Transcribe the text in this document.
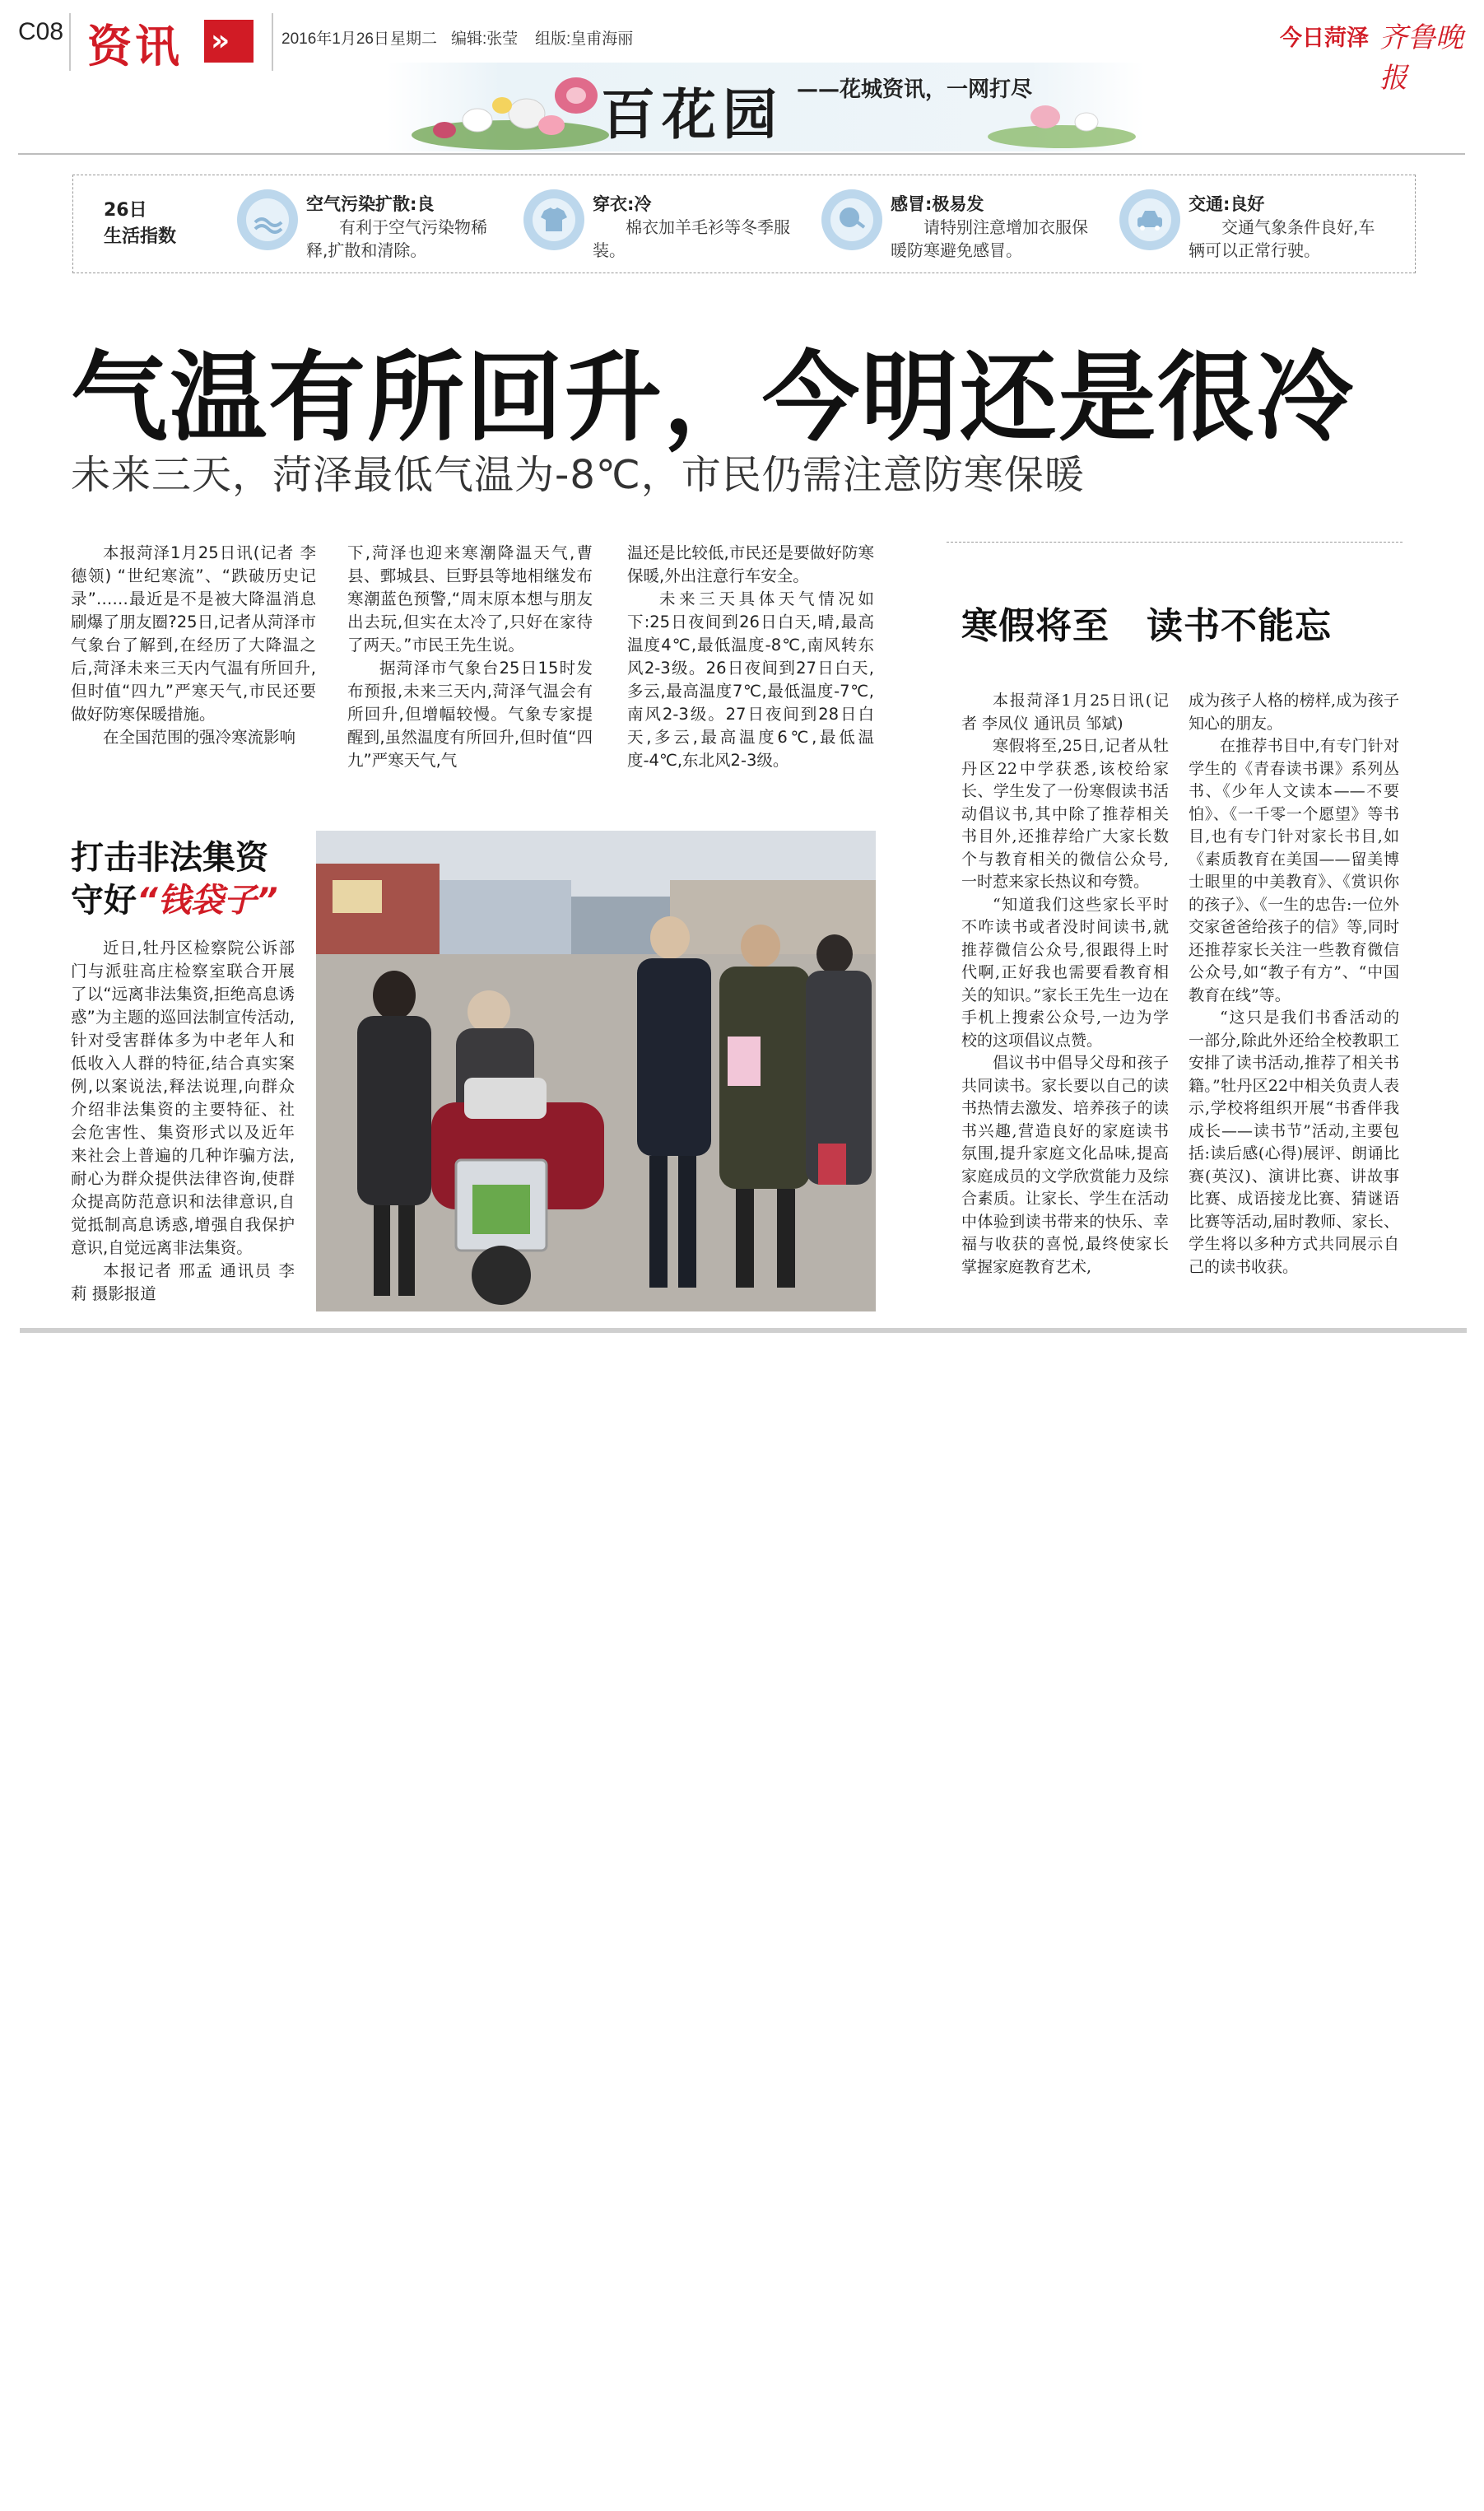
C08 资讯 »	2016年1月26日 星期二 编辑:张莹 组版:皇甫海丽	今日菏泽 齐鲁晚报
百花园 ——花城资讯，一网打尽
26日
生活指数
空气污染扩散:良
有利于空气污染物稀释,扩散和清除。
穿衣:冷
棉衣加羊毛衫等冬季服装。
感冒:极易发
请特别注意增加衣服保暖防寒避免感冒。
交通:良好
交通气象条件良好,车辆可以正常行驶。
气温有所回升，今明还是很冷
未来三天，菏泽最低气温为-8℃，市民仍需注意防寒保暖

本报菏泽1月25日讯(记者 李德领) “世纪寒流”、“跌破历史记录”……最近是不是被大降温消息刷爆了朋友圈?25日,记者从菏泽市气象台了解到,在经历了大降温之后,菏泽未来三天内气温有所回升,但时值“四九”严寒天气,市民还要做好防寒保暖措施。

在全国范围的强冷寒流影响

下,菏泽也迎来寒潮降温天气,曹县、鄄城县、巨野县等地相继发布寒潮蓝色预警,“周末原本想与朋友出去玩,但实在太冷了,只好在家待了两天。”市民王先生说。

据菏泽市气象台25日15时发布预报,未来三天内,菏泽气温会有所回升,但增幅较慢。气象专家提醒到,虽然温度有所回升,但时值“四九”严寒天气,气

温还是比较低,市民还是要做好防寒保暖,外出注意行车安全。

未来三天具体天气情况如下:25日夜间到26日白天,晴,最高温度4℃,最低温度-8℃,南风转东风2-3级。26日夜间到27日白天,多云,最高温度7℃,最低温度-7℃,南风2-3级。27日夜间到28日白天,多云,最高温度6℃,最低温度-4℃,东北风2-3级。

打击非法集资
守好“钱袋子”

近日,牡丹区检察院公诉部门与派驻高庄检察室联合开展了以“远离非法集资,拒绝高息诱惑”为主题的巡回法制宣传活动,针对受害群体多为中老年人和低收入人群的特征,结合真实案例,以案说法,释法说理,向群众介绍非法集资的主要特征、社会危害性、集资形式以及近年来社会上普遍的几种诈骗方法,耐心为群众提供法律咨询,使群众提高防范意识和法律意识,自觉抵制高息诱惑,增强自我保护意识,自觉远离非法集资。

本报记者 邢孟 通讯员 李莉 摄影报道

寒假将至　读书不能忘

本报菏泽1月25日讯(记者 李凤仪 通讯员 邹斌)

寒假将至,25日,记者从牡丹区22中学获悉,该校给家长、学生发了一份寒假读书活动倡议书,其中除了推荐相关书目外,还推荐给广大家长数个与教育相关的微信公众号,一时惹来家长热议和夸赞。

“知道我们这些家长平时不咋读书或者没时间读书,就推荐微信公众号,很跟得上时代啊,正好我也需要看教育相关的知识。”家长王先生一边在手机上搜索公众号,一边为学校的这项倡议点赞。

倡议书中倡导父母和孩子共同读书。家长要以自己的读书热情去激发、培养孩子的读书兴趣,营造良好的家庭读书氛围,提升家庭文化品味,提高家庭成员的文学欣赏能力及综合素质。让家长、学生在活动中体验到读书带来的快乐、幸福与收获的喜悦,最终使家长掌握家庭教育艺术,

成为孩子人格的榜样,成为孩子知心的朋友。

在推荐书目中,有专门针对学生的《青春读书课》系列丛书、《少年人文读本——不要怕》、《一千零一个愿望》等书目,也有专门针对家长书目,如《素质教育在美国——留美博士眼里的中美教育》、《赏识你的孩子》、《一生的忠告:一位外交家爸爸给孩子的信》等,同时还推荐家长关注一些教育微信公众号,如“教子有方”、“中国教育在线”等。

“这只是我们书香活动的一部分,除此外还给全校教职工安排了读书活动,推荐了相关书籍。”牡丹区22中相关负责人表示,学校将组织开展“书香伴我成长——读书节”活动,主要包括:读后感(心得)展评、朗诵比赛(英汉)、演讲比赛、讲故事比赛、成语接龙比赛、猜谜语比赛等活动,届时教师、家长、学生将以多种方式共同展示自己的读书收获。
